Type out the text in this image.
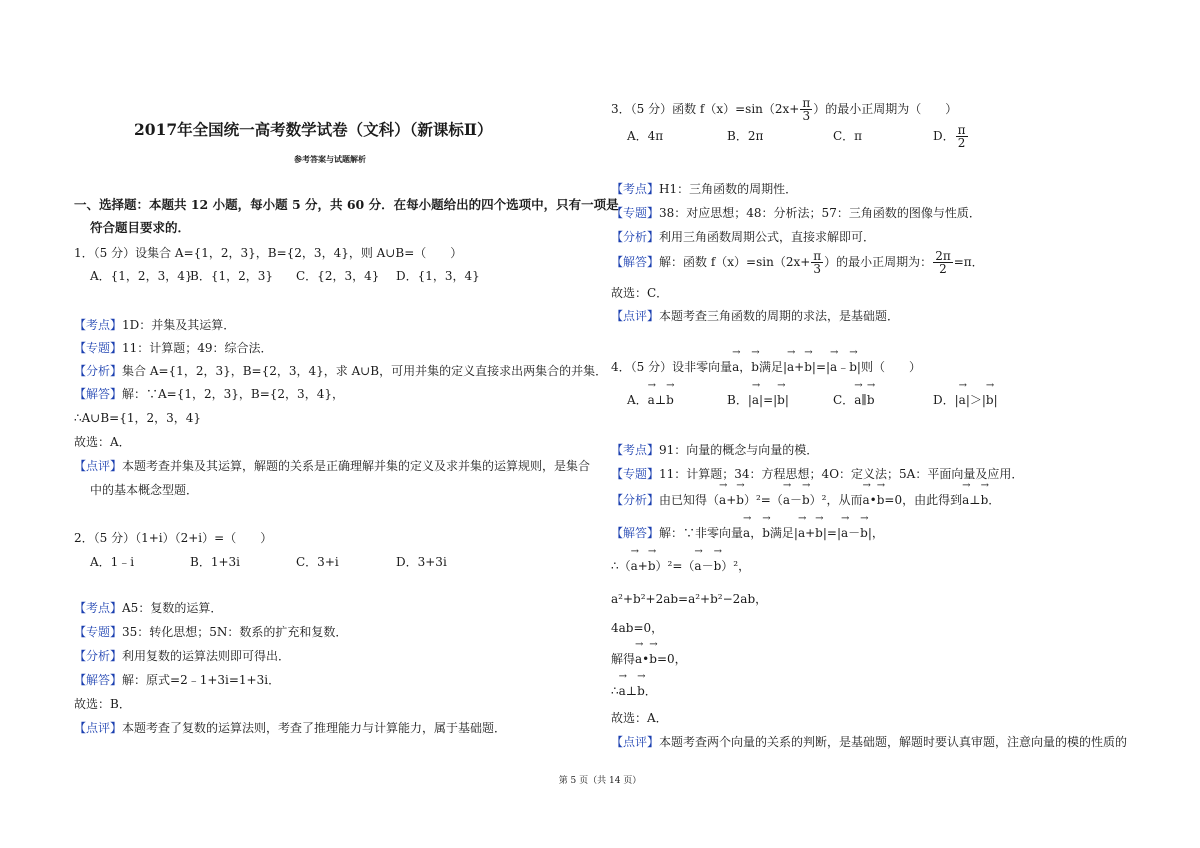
2017年全国统一高考数学试卷（文科）（新课标Ⅱ）
参考答案与试题解析
一、选择题：本题共 12 小题，每小题 5 分，共 60 分．在每小题给出的四个选项中，只有一项是
符合题目要求的．
1．（5 分）设集合 A={1，2，3}，B={2，3，4}，则 A∪B=（　　）
A．{1，2，3，4}
B．{1，2，3} C．{2，3，4} D．{1，3，4}
【考点】1D：并集及其运算．
【专题】11：计算题；49：综合法．
【分析】集合 A={1，2，3}，B={2，3，4}，求 A∪B，可用并集的定义直接求出两集合的并集．
【解答】解：∵A={1，2，3}，B={2，3，4}，
∴A∪B={1，2，3，4}
故选：A．
【点评】本题考查并集及其运算，解题的关系是正确理解并集的定义及求并集的运算规则，是集合
中的基本概念型题．
2．（5 分）（1+i）（2+i）=（　　）
A．1﹣i	B．1+3i	C．3+i	D．3+3i
【考点】A5：复数的运算．
【专题】35：转化思想；5N：数系的扩充和复数．
【分析】利用复数的运算法则即可得出．
【解答】解：原式=2﹣1+3i=1+3i．
故选：B．
【点评】本题考查了复数的运算法则，考查了推理能力与计算能力，属于基础题．
3．（5 分）函数 $f(x)=\sin(2x+ \frac{\pi}{3}$ ）的最小正周期为（　　）
A．4π	B．2π	C．π	D． $\frac{\pi}{2}$
【考点】H1：三角函数的周期性．
【专题】38：对应思想；48：分析法；57：三角函数的图像与性质．
【分析】利用三角函数周期公式，直接求解即可．
【解答】解：函数 $f(x)=\sin(2x+ \frac{\pi}{3}$ ）的最小正周期为： $\frac{2\pi}{2} =\pi$．
故选：C．
【点评】本题考查三角函数的周期的求法，是基础题．
4．（5 分）设非零向量→ a，→ b满足|→ a+→ b|=|→ a﹣→ b|则（　　）
A．→ a⊥→ b	B．|→ a|=|→ b|	C．→ a∥→ b	D．|→ a|＞|→ b|
【考点】91：向量的概念与向量的模．
【专题】11：计算题；34：方程思想；4O：定义法；5A：平面向量及应用．
【分析】由已知得（→ a+→ b）²=（→ a－→ b）²，从而→ a•→ b=0，由此得到→ a⊥→ b．
【解答】解：∵非零向量→ a，→ b满足|→ a+→ b|=|→ a－→ b|，
∴（→ a+→ b）²=（→ a－→ b）²，
a²+b²+2ab=a²+b²−2ab，
4ab=0，
解得→ a•→ b=0，
∴→ a⊥→ b．
故选：A．
【点评】本题考查两个向量的关系的判断，是基础题，解题时要认真审题，注意向量的模的性质的
第 5 页（共 14 页）
